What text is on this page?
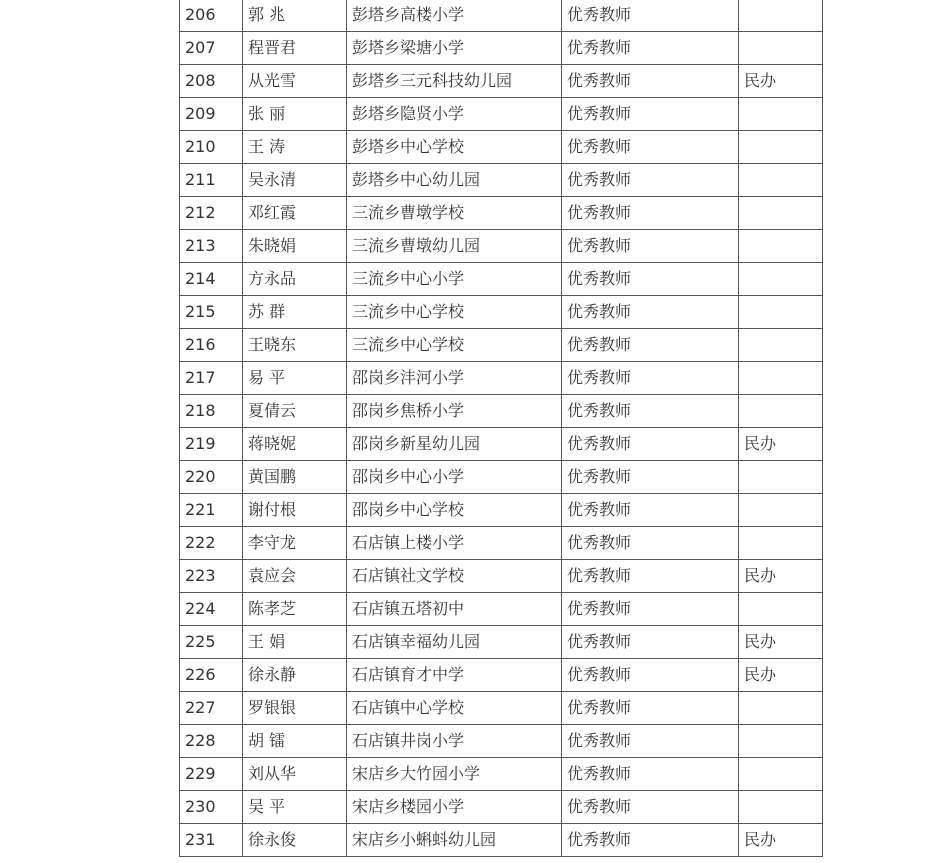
206	郭 兆	彭塔乡高楼小学	优秀教师	
207	程晋君	彭塔乡梁塘小学	优秀教师	
208	从光雪	彭塔乡三元科技幼儿园	优秀教师	民办
209	张 丽	彭塔乡隐贤小学	优秀教师	
210	王 涛	彭塔乡中心学校	优秀教师	
211	吴永清	彭塔乡中心幼儿园	优秀教师	
212	邓红霞	三流乡曹墩学校	优秀教师	
213	朱晓娟	三流乡曹墩幼儿园	优秀教师	
214	方永品	三流乡中心小学	优秀教师	
215	苏 群	三流乡中心学校	优秀教师	
216	王晓东	三流乡中心学校	优秀教师	
217	易 平	邵岗乡沣河小学	优秀教师	
218	夏倩云	邵岗乡焦桥小学	优秀教师	
219	蒋晓妮	邵岗乡新星幼儿园	优秀教师	民办
220	黄国鹏	邵岗乡中心小学	优秀教师	
221	谢付根	邵岗乡中心学校	优秀教师	
222	李守龙	石店镇上楼小学	优秀教师	
223	袁应会	石店镇社文学校	优秀教师	民办
224	陈孝芝	石店镇五塔初中	优秀教师	
225	王 娟	石店镇幸福幼儿园	优秀教师	民办
226	徐永静	石店镇育才中学	优秀教师	民办
227	罗银银	石店镇中心学校	优秀教师	
228	胡 镭	石店镇井岗小学	优秀教师	
229	刘从华	宋店乡大竹园小学	优秀教师	
230	吴 平	宋店乡楼园小学	优秀教师	
231	徐永俊	宋店乡小蝌蚪幼儿园	优秀教师	民办
